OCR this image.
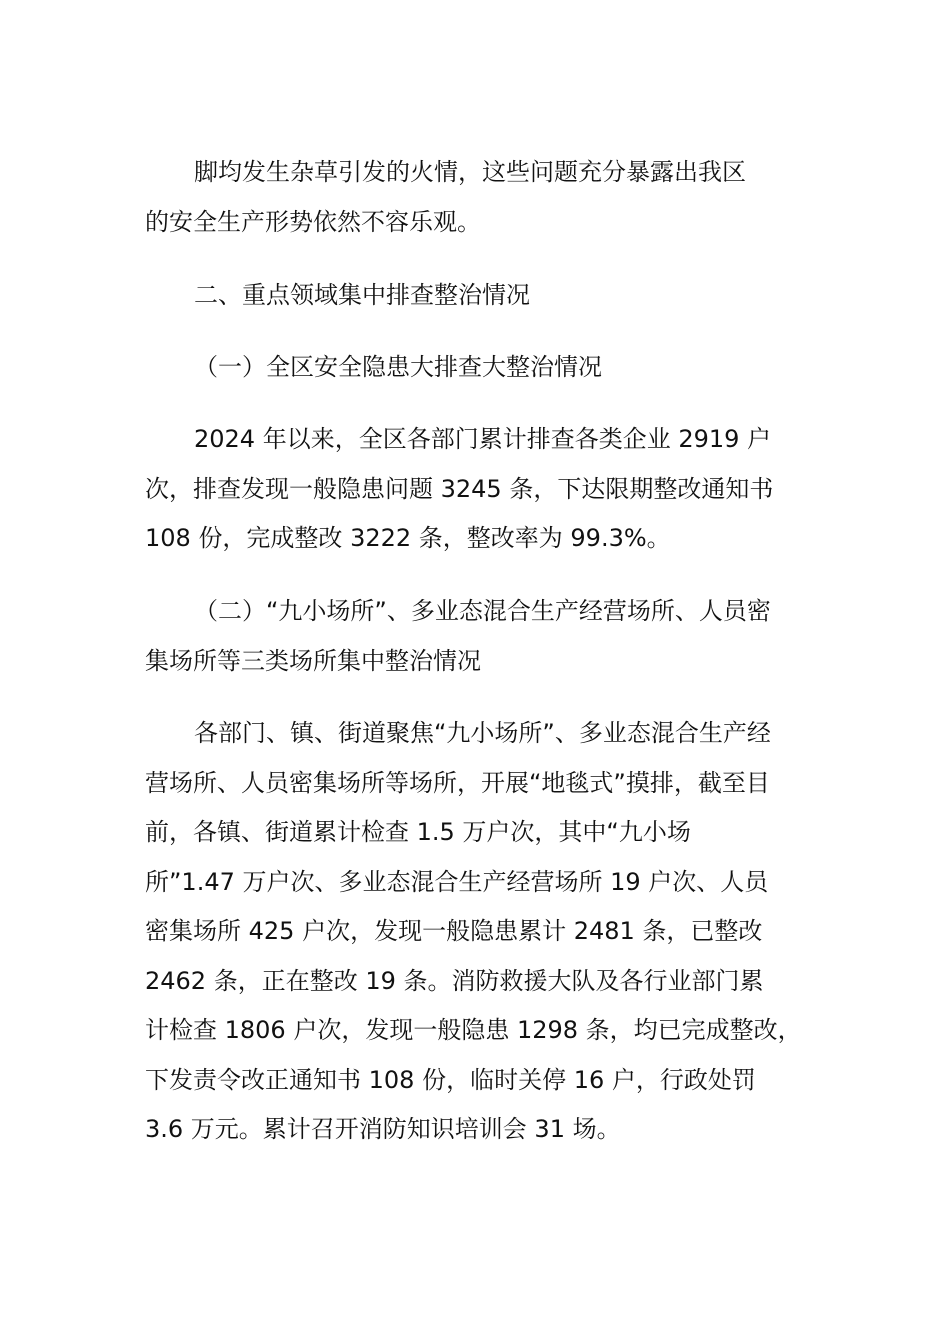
脚均发生杂草引发的火情，这些问题充分暴露出我区
的安全生产形势依然不容乐观。
二、重点领域集中排查整治情况
（一）全区安全隐患大排查大整治情况
2024 年以来，全区各部门累计排查各类企业 2919 户
次，排查发现一般隐患问题 3245 条，下达限期整改通知书
108 份，完成整改 3222 条，整改率为 99.3%。
（二）“九小场所”、多业态混合生产经营场所、人员密
集场所等三类场所集中整治情况
各部门、镇、街道聚焦“九小场所”、多业态混合生产经
营场所、人员密集场所等场所，开展“地毯式”摸排，截至目
前，各镇、街道累计检查 1.5 万户次，其中“九小场
所”1.47 万户次、多业态混合生产经营场所 19 户次、人员
密集场所 425 户次，发现一般隐患累计 2481 条，已整改
2462 条，正在整改 19 条。消防救援大队及各行业部门累
计检查 1806 户次，发现一般隐患 1298 条，均已完成整改，
下发责令改正通知书 108 份，临时关停 16 户，行政处罚
3.6 万元。累计召开消防知识培训会 31 场。
